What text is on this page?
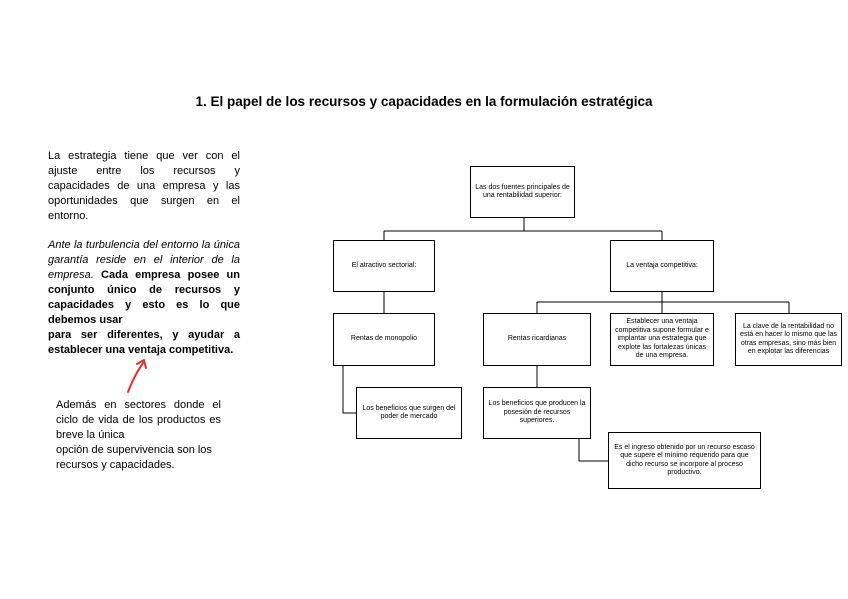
1. El papel de los recursos y capacidades en la formulación estratégica
La estrategia tiene que ver con el ajuste entre los recursos y capacidades de una empresa y las oportunidades que surgen en el entorno.
Ante la turbulencia del entorno la única garantía reside en el interior de la empresa. Cada empresa posee un conjunto único de recursos y capacidades y esto es lo que debemos usar
para ser diferentes, y ayudar a establecer una ventaja competitiva.
Además en sectores donde el ciclo de vida de los productos es breve la única

opción de supervivencia son los recursos y capacidades.
Las dos fuentes principales de una rentabilidad superior:
El atractivo sectorial:	La ventaja competitiva:
Rentas de monopolio
Los beneficios que surgen del poder de mercado
Rentas ricardianas
Los beneficios que producen la posesión de recursos superiores.
Es el ingreso obtenido por un recurso escaso que supere el mínimo requerido para que dicho recurso se incorpore al proceso productivo.
Establecer una ventaja competitiva supone formular e implantar una estrategia que explote las fortalezas únicas de una empresa.
La clave de la rentabilidad no está en hacer lo mismo que las otras empresas, sino más bien en explotar las diferencias
